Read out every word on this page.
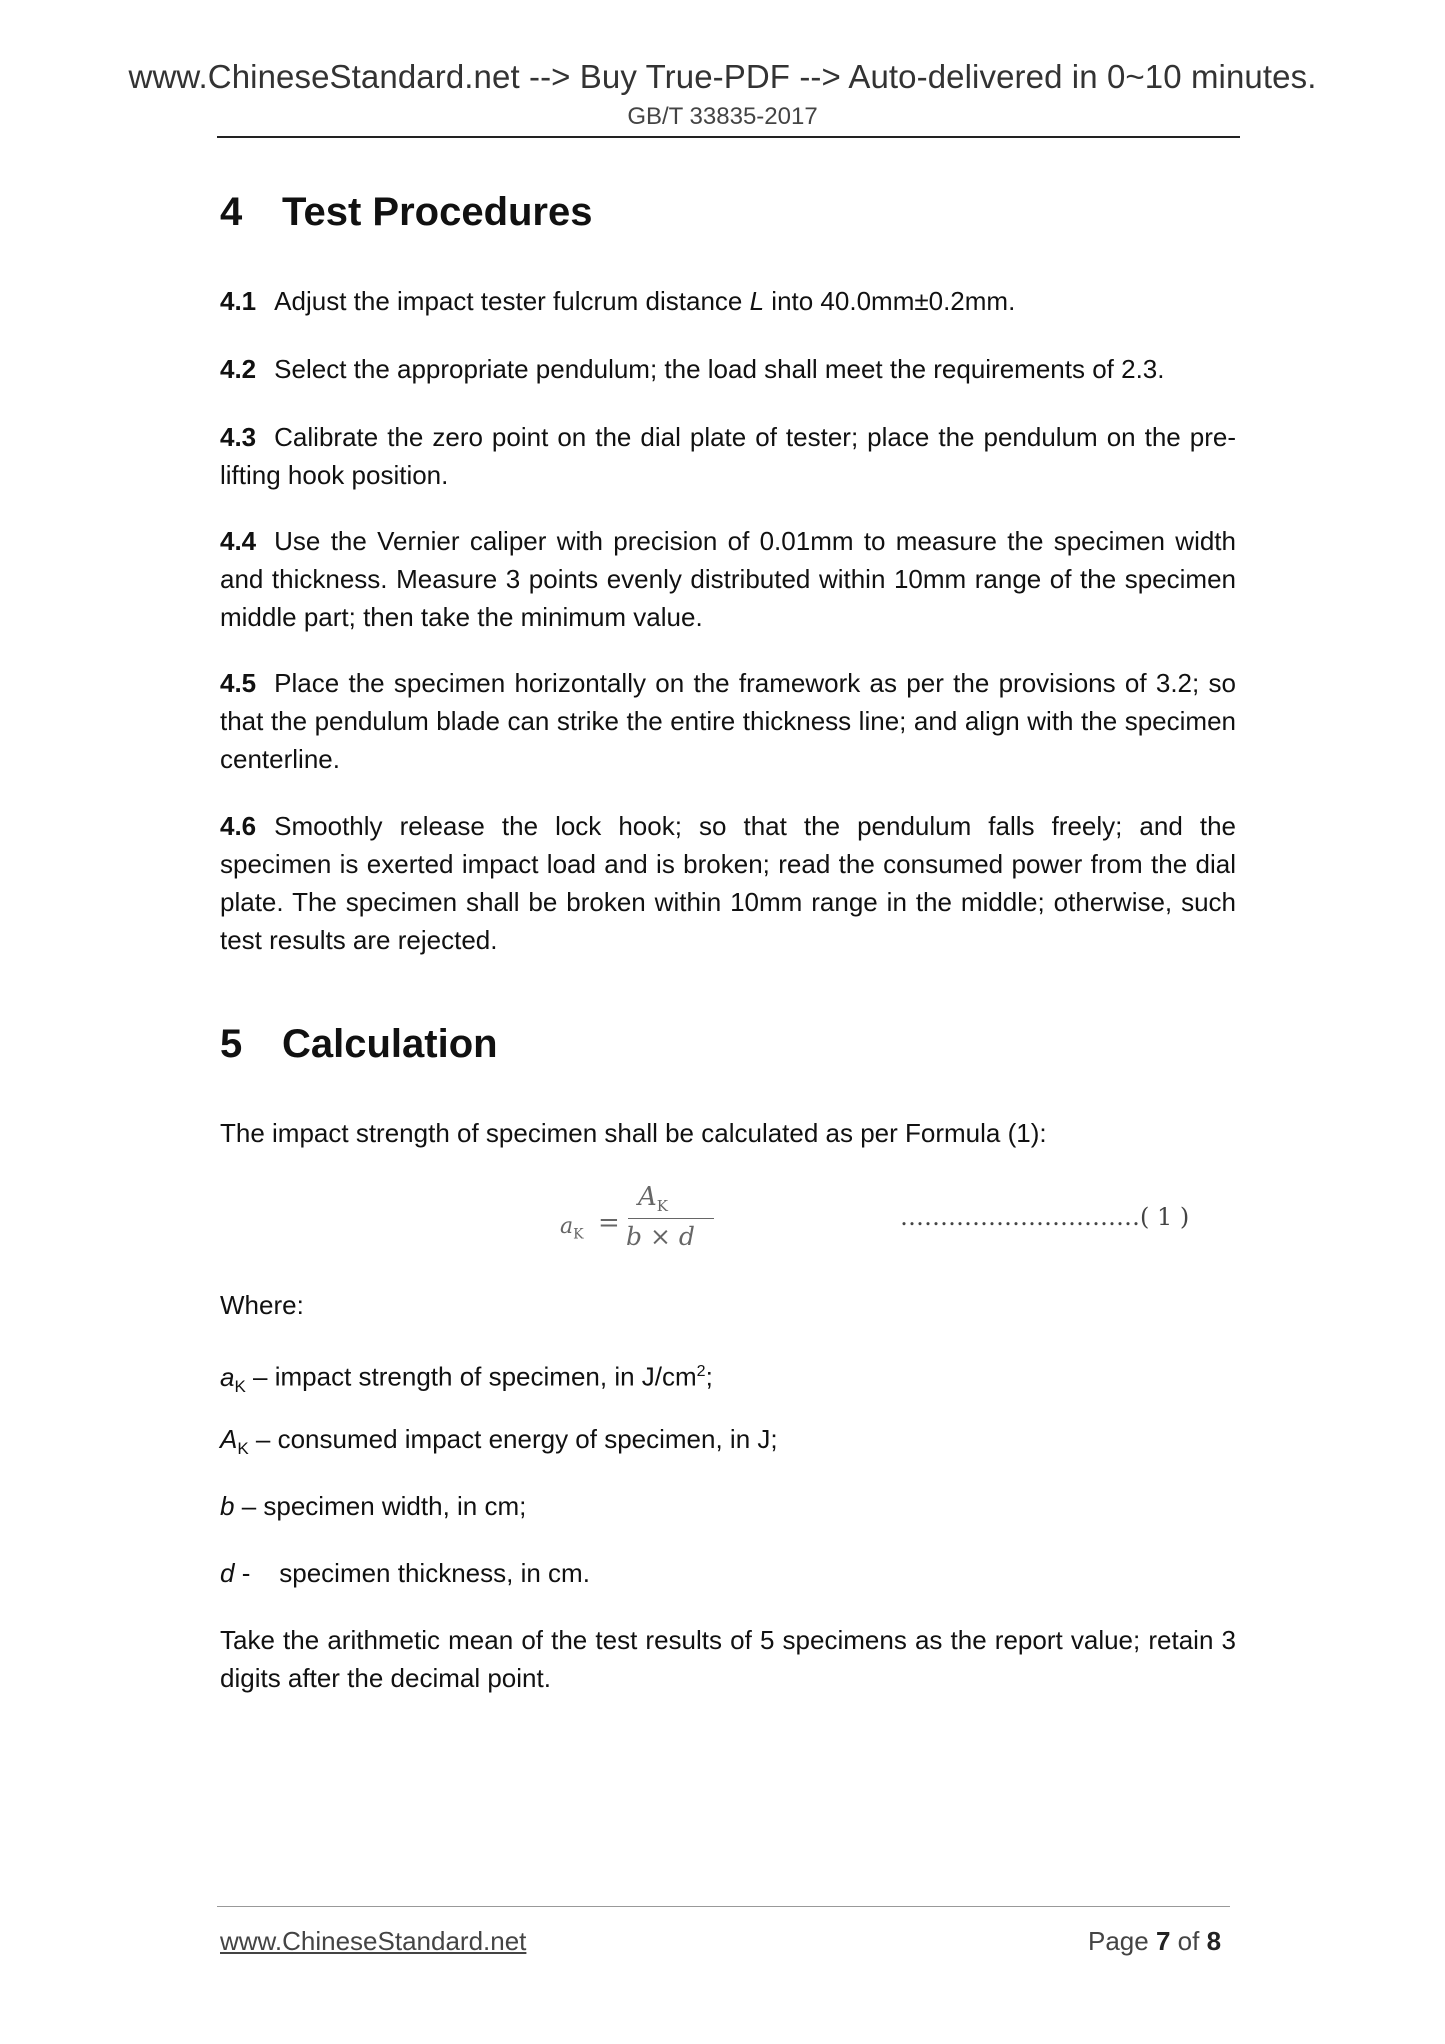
www.ChineseStandard.net --> Buy True-PDF --> Auto-delivered in 0~10 minutes.
GB/T 33835-2017
4 Test Procedures
4.1 Adjust the impact tester fulcrum distance L into 40.0mm±0.2mm.
4.2 Select the appropriate pendulum; the load shall meet the requirements of 2.3.
4.3 Calibrate the zero point on the dial plate of tester; place the pendulum on the pre-lifting hook position.
4.4 Use the Vernier caliper with precision of 0.01mm to measure the specimen width and thickness. Measure 3 points evenly distributed within 10mm range of the specimen middle part; then take the minimum value.
4.5 Place the specimen horizontally on the framework as per the provisions of 3.2; so that the pendulum blade can strike the entire thickness line; and align with the specimen centerline.
4.6 Smoothly release the lock hook; so that the pendulum falls freely; and the specimen is exerted impact load and is broken; read the consumed power from the dial plate. The specimen shall be broken within 10mm range in the middle; otherwise, such test results are rejected.
5 Calculation
The impact strength of specimen shall be calculated as per Formula (1):
$a_K$ =
$A_K$
b × d
…………………………( 1 )
Where:
$a_K$ – impact strength of specimen, in $J/cm^2$;
$A_K$ – consumed impact energy of specimen, in J;
b – specimen width, in cm;
d -    specimen thickness, in cm.
Take the arithmetic mean of the test results of 5 specimens as the report value; retain 3 digits after the decimal point.
www.ChineseStandard.net	Page 7 of 8
